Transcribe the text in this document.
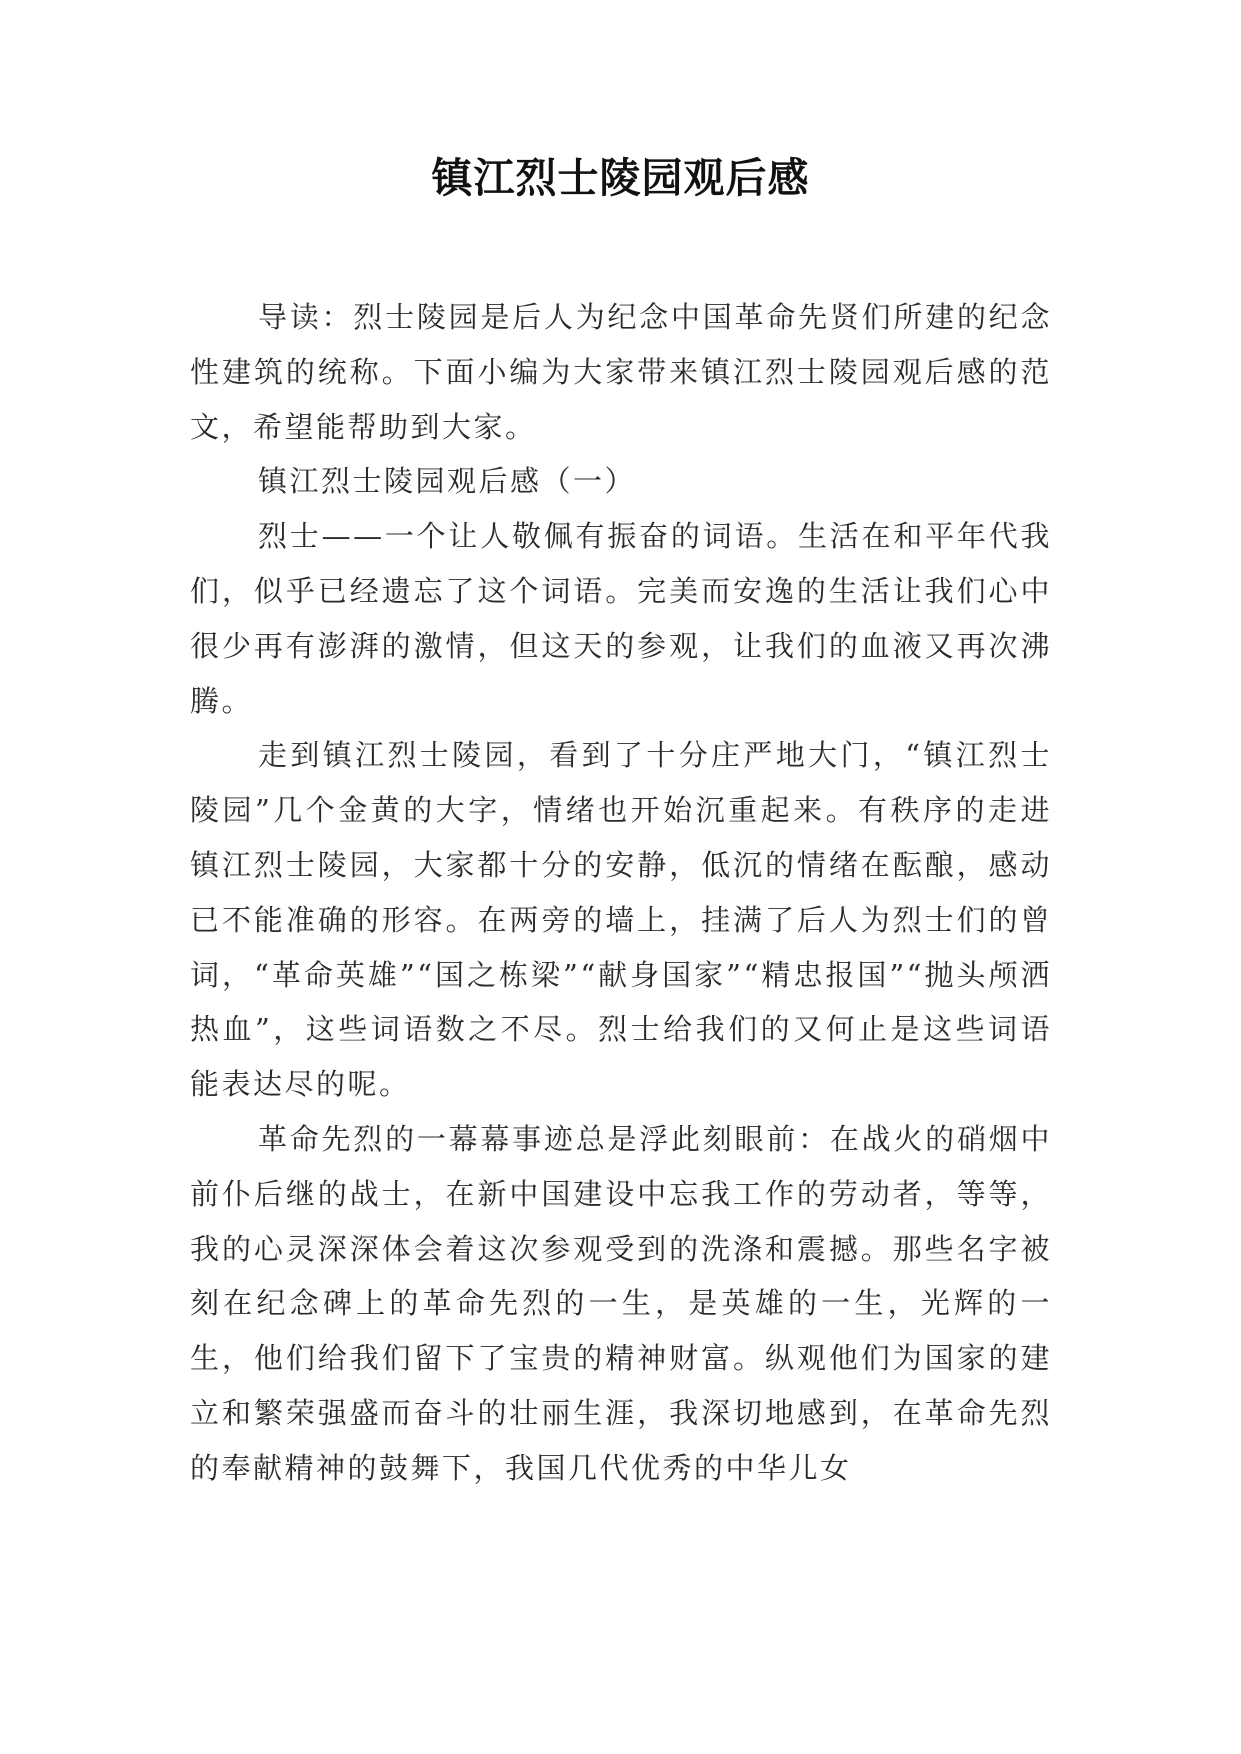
镇江烈士陵园观后感

导读：烈士陵园是后人为纪念中国革命先贤们所建的纪念性建筑的统称。下面小编为大家带来镇江烈士陵园观后感的范文，希望能帮助到大家。

镇江烈士陵园观后感（一）

烈士——一个让人敬佩有振奋的词语。生活在和平年代我们，似乎已经遗忘了这个词语。完美而安逸的生活让我们心中很少再有澎湃的激情，但这天的参观，让我们的血液又再次沸腾。

走到镇江烈士陵园，看到了十分庄严地大门，“镇江烈士陵园”几个金黄的大字，情绪也开始沉重起来。有秩序的走进镇江烈士陵园，大家都十分的安静，低沉的情绪在酝酿，感动已不能准确的形容。在两旁的墙上，挂满了后人为烈士们的曾词，“革命英雄”“国之栋梁”“献身国家”“精忠报国”“抛头颅洒热血”，这些词语数之不尽。烈士给我们的又何止是这些词语能表达尽的呢。

革命先烈的一幕幕事迹总是浮此刻眼前：在战火的硝烟中前仆后继的战士，在新中国建设中忘我工作的劳动者，等等，我的心灵深深体会着这次参观受到的洗涤和震撼。那些名字被刻在纪念碑上的革命先烈的一生，是英雄的一生，光辉的一生，他们给我们留下了宝贵的精神财富。纵观他们为国家的建立和繁荣强盛而奋斗的壮丽生涯，我深切地感到，在革命先烈的奉献精神的鼓舞下，我国几代优秀的中华儿女
